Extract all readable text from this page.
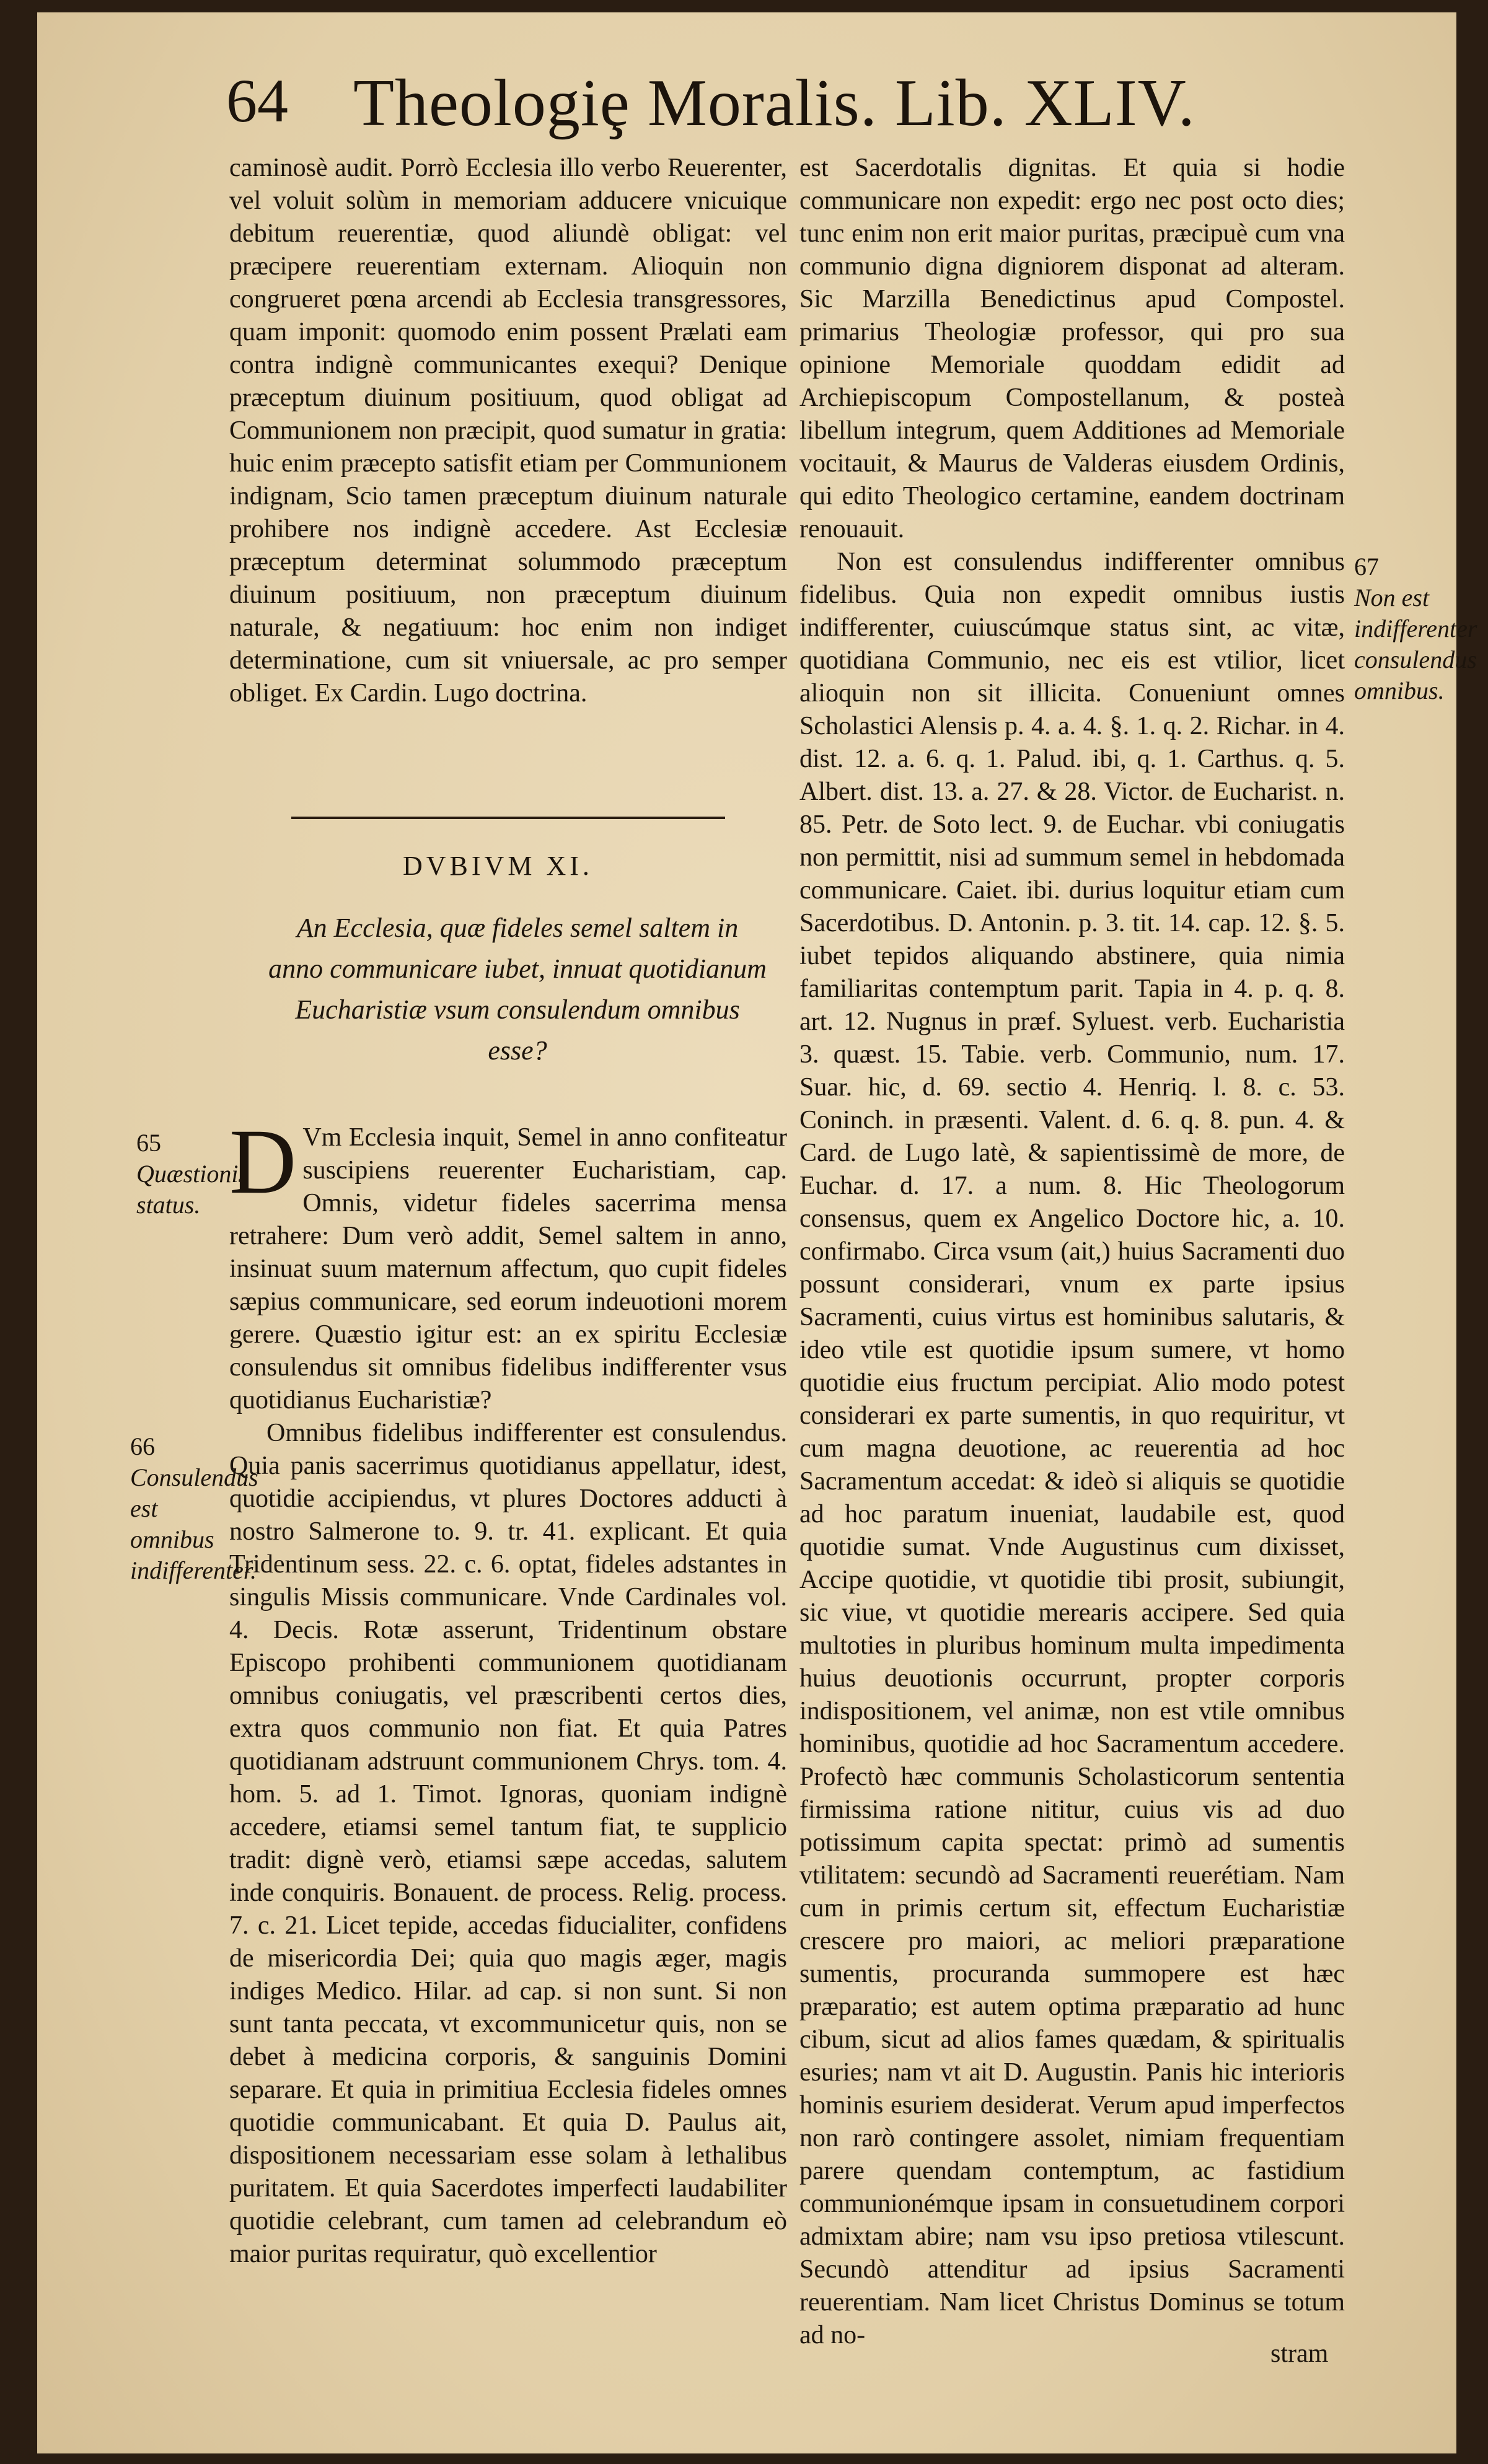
64 Theologiȩ Moralis. Lib. XLIV.

caminosè audit. Porrò Ecclesia illo verbo Reuerenter, vel voluit solùm in memoriam adducere vnicuique debitum reuerentiæ, quod aliundè obligat: vel præcipere reuerentiam externam. Alioquin non congrueret pœna arcendi ab Ecclesia transgressores, quam imponit: quomodo enim possent Prælati eam contra indignè communicantes exequi? Denique præceptum diuinum positiuum, quod obligat ad Communionem non præcipit, quod sumatur in gratia: huic enim præcepto satisfit etiam per Communionem indignam, Scio tamen præceptum diuinum naturale prohibere nos indignè accedere. Ast Ecclesiæ præceptum determinat solummodo præceptum diuinum positiuum, non præceptum diuinum naturale, & negatiuum: hoc enim non indiget determinatione, cum sit vniuersale, ac pro semper obliget. Ex Cardin. Lugo doctrina.

DVBIVM XI.
An Ecclesia, quæ fideles semel saltem in anno communicare iubet, innuat quotidianum Eucharistiæ vsum consulendum omnibus esse?
65
Quæstionis status.
66
Consulendus est omnibus indifferenter.
67
Non est indifferenter consulendus omnibus.

D Vm Ecclesia inquit, Semel in anno confiteatur suscipiens reuerenter Eucharistiam, cap. Omnis, videtur fideles sacerrima mensa retrahere: Dum verò addit, Semel saltem in anno, insinuat suum maternum affectum, quo cupit fideles sæpius communicare, sed eorum indeuotioni morem gerere. Quæstio igitur est: an ex spiritu Ecclesiæ consulendus sit omnibus fidelibus indifferenter vsus quotidianus Eucharistiæ?

Omnibus fidelibus indifferenter est consulendus. Quia panis sacerrimus quotidianus appellatur, idest, quotidie accipiendus, vt plures Doctores adducti à nostro Salmerone to. 9. tr. 41. explicant. Et quia Tridentinum sess. 22. c. 6. optat, fideles adstantes in singulis Missis communicare. Vnde Cardinales vol. 4. Decis. Rotæ asserunt, Tridentinum obstare Episcopo prohibenti communionem quotidianam omnibus coniugatis, vel præscribenti certos dies, extra quos communio non fiat. Et quia Patres quotidianam adstruunt communionem Chrys. tom. 4. hom. 5. ad 1. Timot. Ignoras, quoniam indignè accedere, etiamsi semel tantum fiat, te supplicio tradit: dignè verò, etiamsi sæpe accedas, salutem inde conquiris. Bonauent. de process. Relig. process. 7. c. 21. Licet tepide, accedas fiducialiter, confidens de misericordia Dei; quia quo magis æger, magis indiges Medico. Hilar. ad cap. si non sunt. Si non sunt tanta peccata, vt excommunicetur quis, non se debet à medicina corporis, & sanguinis Domini separare. Et quia in primitiua Ecclesia fideles omnes quotidie communicabant. Et quia D. Paulus ait, dispositionem necessariam esse solam à lethalibus puritatem. Et quia Sacerdotes imperfecti laudabiliter quotidie celebrant, cum tamen ad celebrandum eò maior puritas requiratur, quò excellentior

est Sacerdotalis dignitas. Et quia si hodie communicare non expedit: ergo nec post octo dies; tunc enim non erit maior puritas, præcipuè cum vna communio digna digniorem disponat ad alteram. Sic Marzilla Benedictinus apud Compostel. primarius Theologiæ professor, qui pro sua opinione Memoriale quoddam edidit ad Archiepiscopum Compostellanum, & posteà libellum integrum, quem Additiones ad Memoriale vocitauit, & Maurus de Valderas eiusdem Ordinis, qui edito Theologico certamine, eandem doctrinam renouauit.

Non est consulendus indifferenter omnibus fidelibus. Quia non expedit omnibus iustis indifferenter, cuiuscúmque status sint, ac vitæ, quotidiana Communio, nec eis est vtilior, licet alioquin non sit illicita. Conueniunt omnes Scholastici Alensis p. 4. a. 4. §. 1. q. 2. Richar. in 4. dist. 12. a. 6. q. 1. Palud. ibi, q. 1. Carthus. q. 5. Albert. dist. 13. a. 27. & 28. Victor. de Eucharist. n. 85. Petr. de Soto lect. 9. de Euchar. vbi coniugatis non permittit, nisi ad summum semel in hebdomada communicare. Caiet. ibi. durius loquitur etiam cum Sacerdotibus. D. Antonin. p. 3. tit. 14. cap. 12. §. 5. iubet tepidos aliquando abstinere, quia nimia familiaritas contemptum parit. Tapia in 4. p. q. 8. art. 12. Nugnus in præf. Syluest. verb. Eucharistia 3. quæst. 15. Tabie. verb. Communio, num. 17. Suar. hic, d. 69. sectio 4. Henriq. l. 8. c. 53. Coninch. in præsenti. Valent. d. 6. q. 8. pun. 4. & Card. de Lugo latè, & sapientissimè de more, de Euchar. d. 17. a num. 8. Hic Theologorum consensus, quem ex Angelico Doctore hic, a. 10. confirmabo. Circa vsum (ait,) huius Sacramenti duo possunt considerari, vnum ex parte ipsius Sacramenti, cuius virtus est hominibus salutaris, & ideo vtile est quotidie ipsum sumere, vt homo quotidie eius fructum percipiat. Alio modo potest considerari ex parte sumentis, in quo requiritur, vt cum magna deuotione, ac reuerentia ad hoc Sacramentum accedat: & ideò si aliquis se quotidie ad hoc paratum inueniat, laudabile est, quod quotidie sumat. Vnde Augustinus cum dixisset, Accipe quotidie, vt quotidie tibi prosit, subiungit, sic viue, vt quotidie merearis accipere. Sed quia multoties in pluribus hominum multa impedimenta huius deuotionis occurrunt, propter corporis indispositionem, vel animæ, non est vtile omnibus hominibus, quotidie ad hoc Sacramentum accedere. Profectò hæc communis Scholasticorum sententia firmissima ratione nititur, cuius vis ad duo potissimum capita spectat: primò ad sumentis vtilitatem: secundò ad Sacramenti reuerétiam. Nam cum in primis certum sit, effectum Eucharistiæ crescere pro maiori, ac meliori præparatione sumentis, procuranda summopere est hæc præparatio; est autem optima præparatio ad hunc cibum, sicut ad alios fames quædam, & spiritualis esuries; nam vt ait D. Augustin. Panis hic interioris hominis esuriem desiderat. Verum apud imperfectos non rarò contingere assolet, nimiam frequentiam parere quendam contemptum, ac fastidium communionémque ipsam in consuetudinem corpori admixtam abire; nam vsu ipso pretiosa vtilescunt. Secundò attenditur ad ipsius Sacramenti reuerentiam. Nam licet Christus Dominus se totum ad no-

stram
